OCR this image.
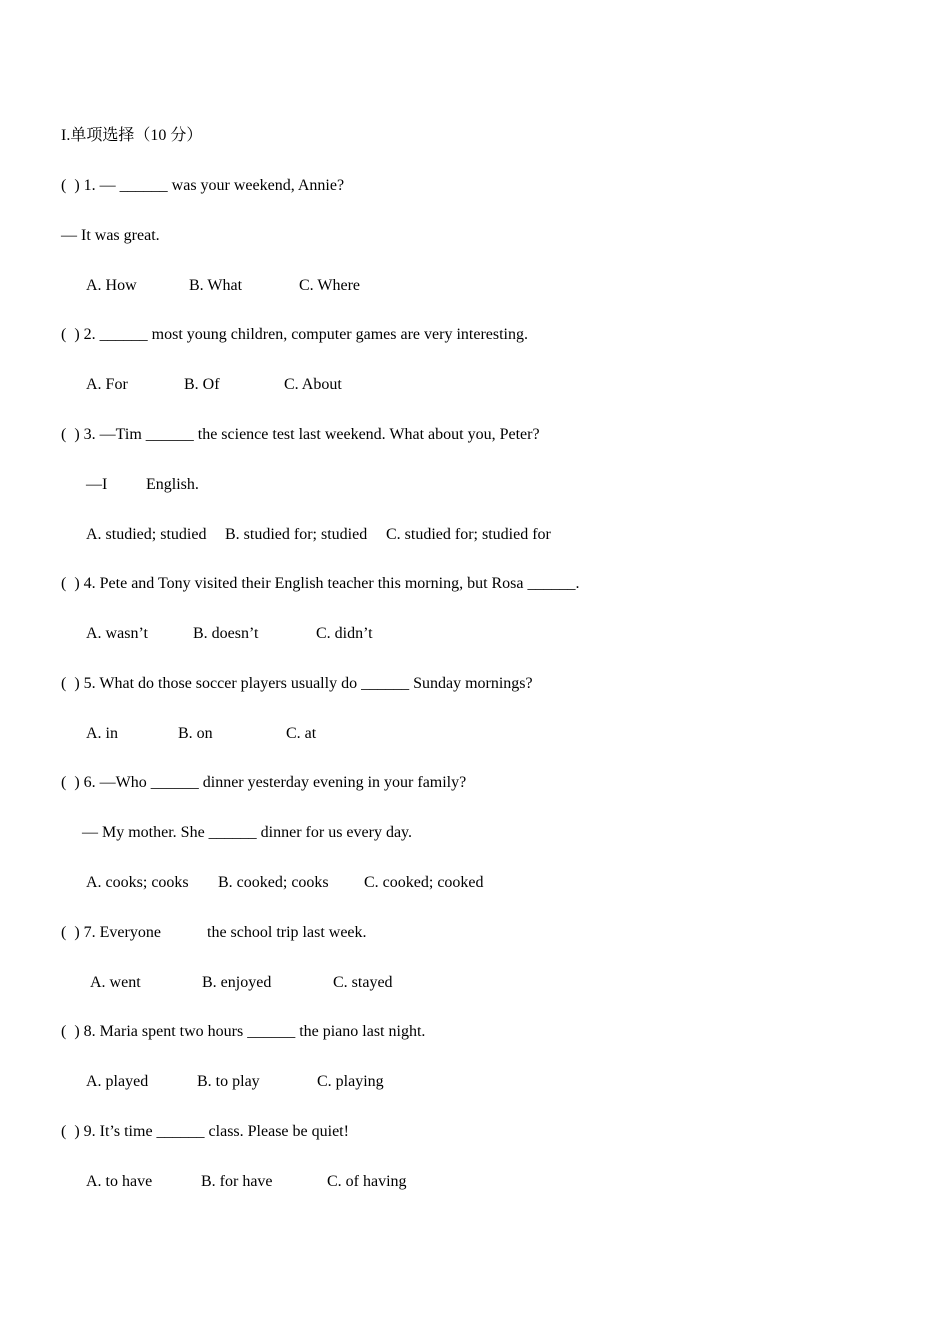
I.单项选择（10 分）
(  ) 1. — ______ was your weekend, Annie?
— It was great.
A. How	B. What	C. Where
(  ) 2. ______ most young children, computer games are very interesting.
A. For	B. Of	C. About
(  ) 3. —Tim ______ the science test last weekend. What about you, Peter?
—I English.
A. studied; studied B. studied for; studied C. studied for; studied for
(  ) 4. Pete and Tony visited their English teacher this morning, but Rosa ______.
A. wasn’t	B. doesn’t	C. didn’t
(  ) 5. What do those soccer players usually do ______ Sunday mornings?
A. in	B. on	C. at
(  ) 6. —Who ______ dinner yesterday evening in your family?
— My mother. She ______ dinner for us every day.
A. cooks; cooks B. cooked; cooks C. cooked; cooked
(  ) 7. Everyone	the school trip last week.
A. went	B. enjoyed	C. stayed
(  ) 8. Maria spent two hours ______ the piano last night.
A. played	B. to play	C. playing
(  ) 9. It’s time ______ class. Please be quiet!
A. to have	B. for have	C. of having
